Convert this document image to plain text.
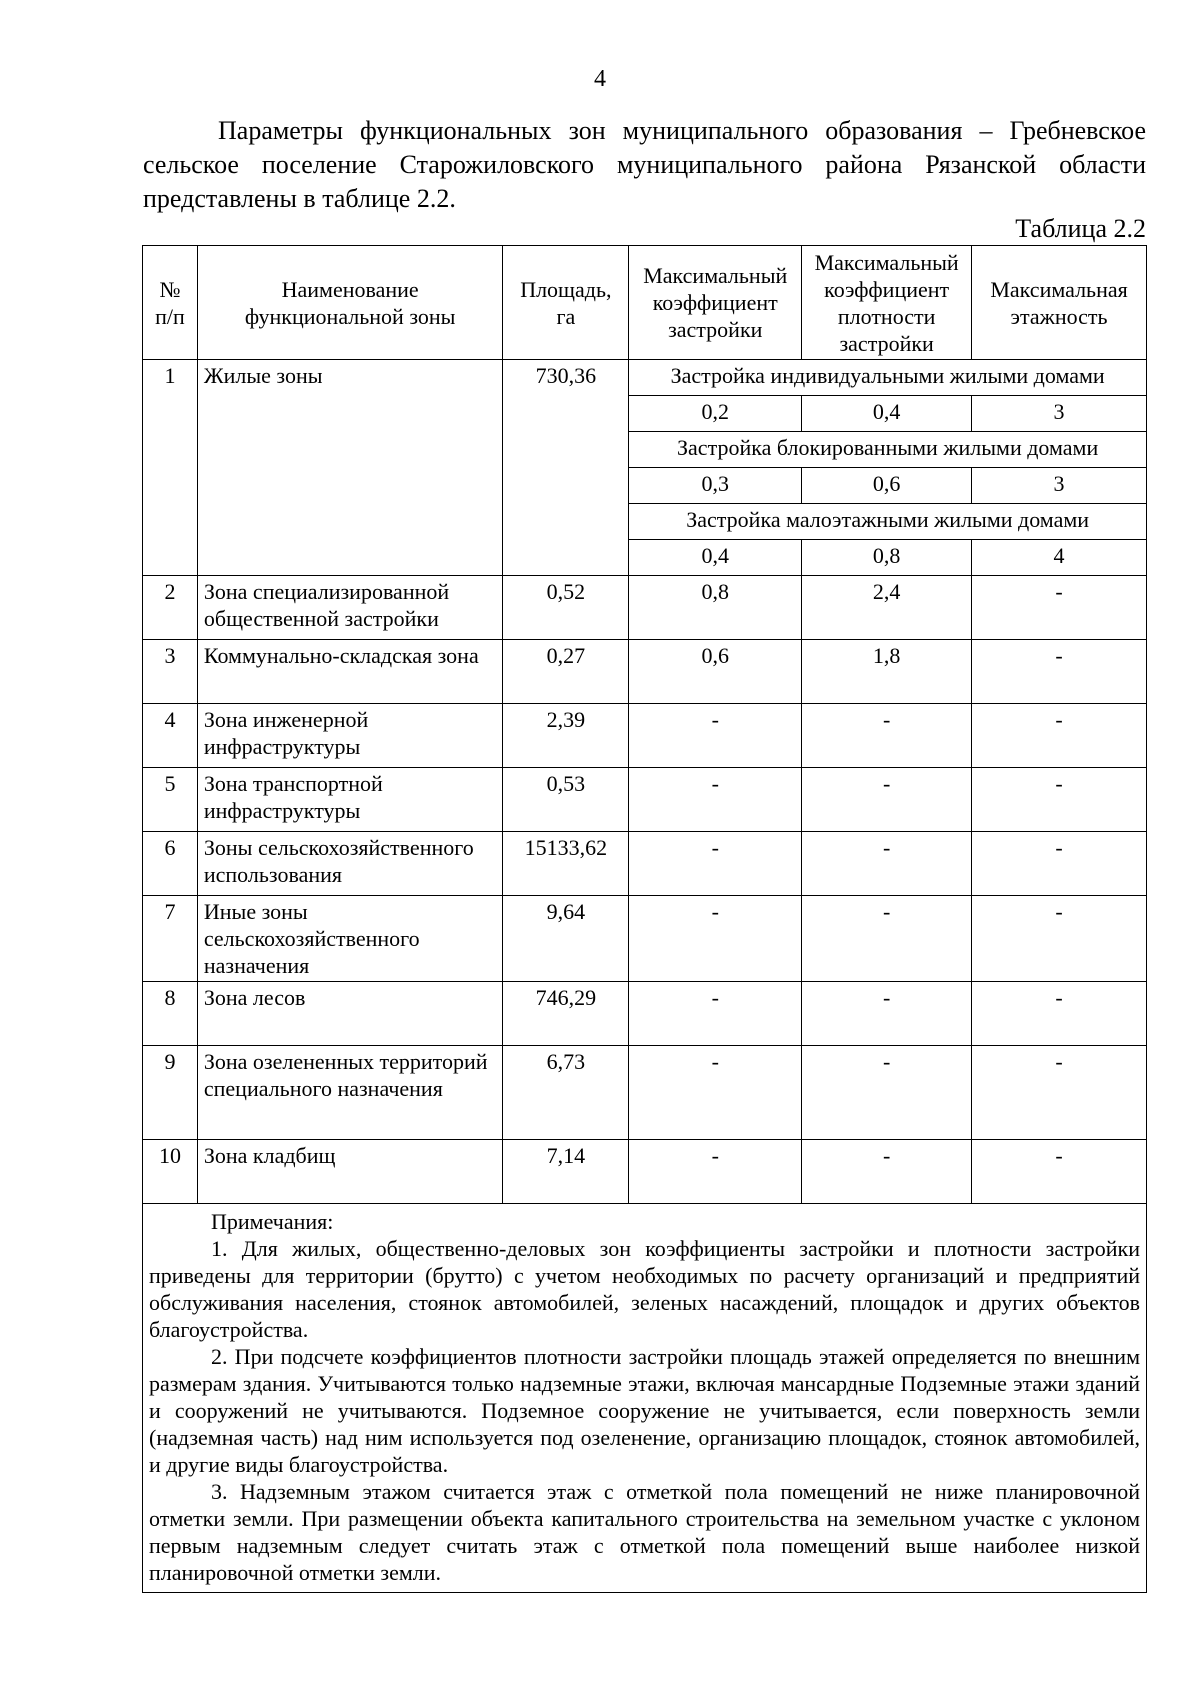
4

Параметры функциональных зон муниципального образования – Гребневское сельское поселение Старожиловского муниципального района Рязанской области представлены в таблице 2.2.

Таблица 2.2
№ п/п	Наименование функциональной зоны	Площадь, га	Максимальный коэффициент застройки	Максимальный коэффициент плотности застройки	Максимальная этажность
1	Жилые зоны	730,36	Застройка индивидуальными жилыми домами		
			0,2	0,4	3
			Застройка блокированными жилыми домами		
			0,3	0,6	3
			Застройка малоэтажными жилыми домами		
			0,4	0,8	4
2	Зона специализированной общественной застройки	0,52	0,8	2,4	-
3	Коммунально-складская зона	0,27	0,6	1,8	-
4	Зона инженерной инфраструктуры	2,39	-	-	-
5	Зона транспортной инфраструктуры	0,53	-	-	-
6	Зоны сельскохозяйственного использования	15133,62	-	-	-
7	Иные зоны сельскохозяйственного назначения	9,64	-	-	-
8	Зона лесов	746,29	-	-	-
9	Зона озелененных территорий специального назначения	6,73	-	-	-
10	Зона кладбищ	7,14	-	-	-

Примечания:

1. Для жилых, общественно-деловых зон коэффициенты застройки и плотности застройки приведены для территории (брутто) с учетом необходимых по расчету организаций и предприятий обслуживания населения, стоянок автомобилей, зеленых насаждений, площадок и других объектов благоустройства.

2. При подсчете коэффициентов плотности застройки площадь этажей определяется по внешним размерам здания. Учитываются только надземные этажи, включая мансардные Подземные этажи зданий и сооружений не учитываются. Подземное сооружение не учитывается, если поверхность земли (надземная часть) над ним используется под озеленение, организацию площадок, стоянок автомобилей, и другие виды благоустройства.

3. Надземным этажом считается этаж с отметкой пола помещений не ниже планировочной отметки земли. При размещении объекта капитального строительства на земельном участке с уклоном первым надземным следует считать этаж с отметкой пола помещений выше наиболее низкой планировочной отметки земли.					
